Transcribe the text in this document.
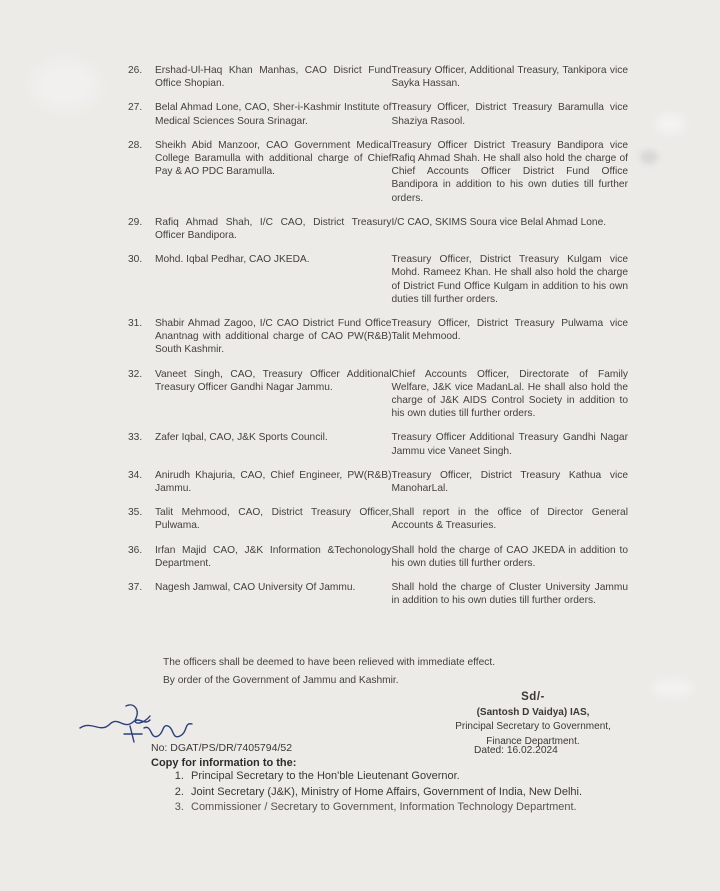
26.	Ershad-Ul-Haq Khan Manhas, CAO Disrict Fund Office Shopian.	Treasury Officer, Additional Treasury, Tankipora vice Sayka Hassan.
27.	Belal Ahmad Lone, CAO, Sher-i-Kashmir Institute of Medical Sciences Soura Srinagar.	Treasury Officer, District Treasury Baramulla vice Shaziya Rasool.
28.	Sheikh Abid Manzoor, CAO Government Medical College Baramulla with additional charge of Chief Pay & AO PDC Baramulla.	Treasury Officer District Treasury Bandipora vice Rafiq Ahmad Shah. He shall also hold the charge of Chief Accounts Officer District Fund Office Bandipora in addition to his own duties till further orders.
29.	Rafiq Ahmad Shah, I/C CAO, District Treasury Officer Bandipora.	I/C CAO, SKIMS Soura vice Belal Ahmad Lone.
30.	Mohd. Iqbal Pedhar, CAO JKEDA.	Treasury Officer, District Treasury Kulgam vice Mohd. Rameez Khan. He shall also hold the charge of District Fund Office Kulgam in addition to his own duties till further orders.
31.	Shabir Ahmad Zagoo, I/C CAO District Fund Office Anantnag with additional charge of CAO PW(R&B) South Kashmir.	Treasury Officer, District Treasury Pulwama vice Talit Mehmood.
32.	Vaneet Singh, CAO, Treasury Officer Additional Treasury Officer Gandhi Nagar Jammu.	Chief Accounts Officer, Directorate of Family Welfare, J&K vice MadanLal. He shall also hold the charge of J&K AIDS Control Society in addition to his own duties till further orders.
33.	Zafer Iqbal, CAO, J&K Sports Council.	Treasury Officer Additional Treasury Gandhi Nagar Jammu vice Vaneet Singh.
34.	Anirudh Khajuria, CAO, Chief Engineer, PW(R&B) Jammu.	Treasury Officer, District Treasury Kathua vice ManoharLal.
35.	Talit Mehmood, CAO, District Treasury Officer, Pulwama.	Shall report in the office of Director General Accounts & Treasuries.
36.	Irfan Majid CAO, J&K Information &Techonology Department.	Shall hold the charge of CAO JKEDA in addition to his own duties till further orders.
37.	Nagesh Jamwal, CAO University Of Jammu.	Shall hold the charge of Cluster University Jammu in addition to his own duties till further orders.
The officers shall be deemed to have been relieved with immediate effect.
By order of the Government of Jammu and Kashmir.
Sd/-
(Santosh D Vaidya) IAS,
Principal Secretary to Government,
Finance Department.
Dated: 16.02.2024
No: DGAT/PS/DR/7405794/52
Copy for information to the:
1. Principal Secretary to the Hon'ble Lieutenant Governor.
2. Joint Secretary (J&K), Ministry of Home Affairs, Government of India, New Delhi.
3. Commissioner / Secretary to Government, Information Technology Department.
